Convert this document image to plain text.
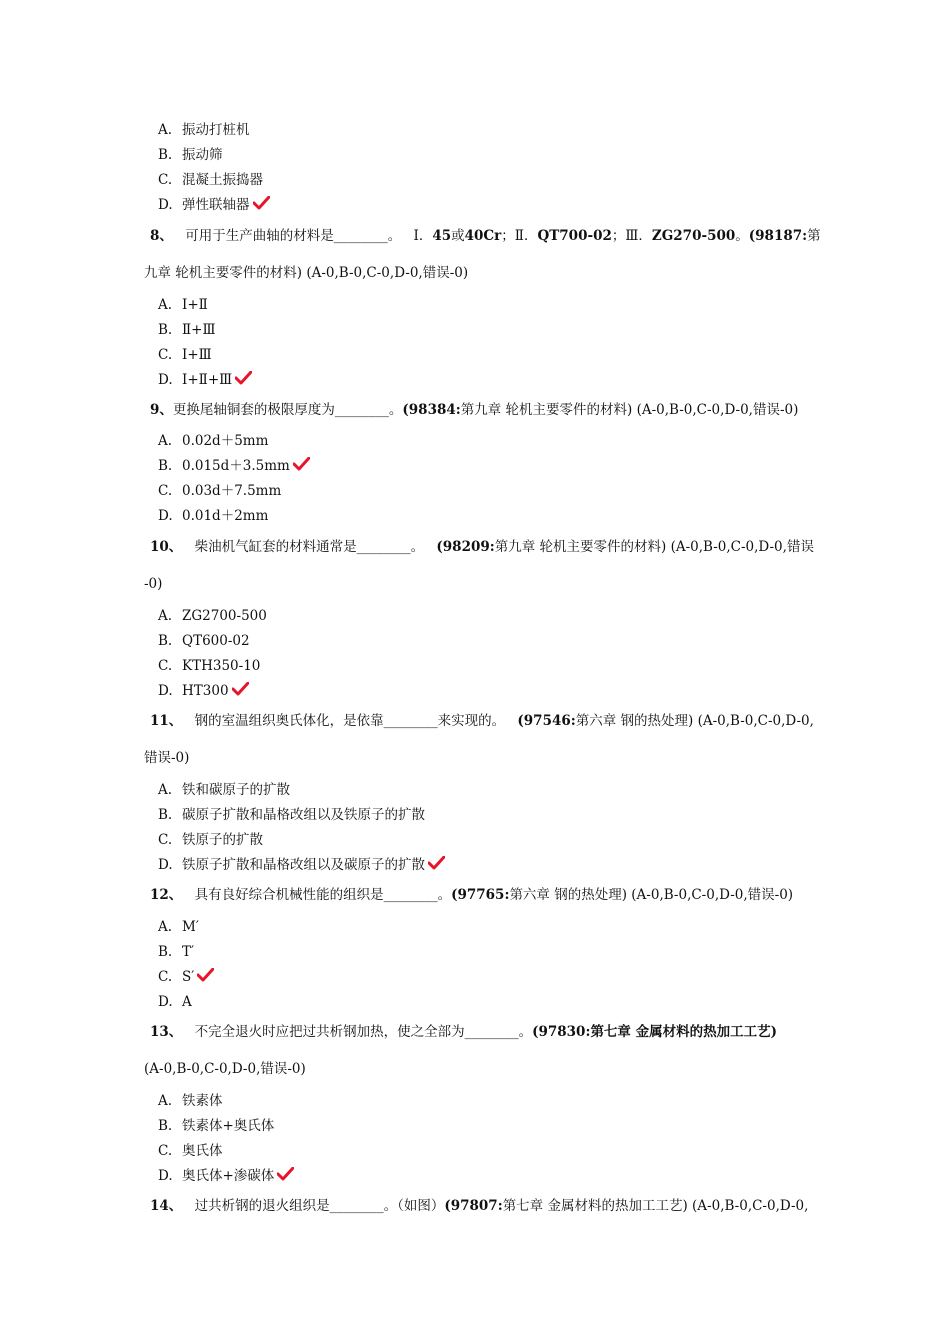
A. 振动打桩机
B. 振动筛
C. 混凝土振捣器
D. 弹性联轴器
8、 可用于生产曲轴的材料是________。 Ⅰ．45或40Cr；Ⅱ．QT700-02；Ⅲ．ZG270-500。(98187:第
九章 轮机主要零件的材料) (A-0,B-0,C-0,D-0,错误-0)
A. Ⅰ+Ⅱ
B. Ⅱ+Ⅲ
C. Ⅰ+Ⅲ
D. Ⅰ+Ⅱ+Ⅲ
9、更换尾轴铜套的极限厚度为________。(98384:第九章 轮机主要零件的材料) (A-0,B-0,C-0,D-0,错误-0)
A. 0.02d＋5mm
B. 0.015d＋3.5mm
C. 0.03d＋7.5mm
D. 0.01d＋2mm
10、 柴油机气缸套的材料通常是________。 (98209:第九章 轮机主要零件的材料) (A-0,B-0,C-0,D-0,错误
-0)
A. ZG2700-500
B. QT600-02
C. KTH350-10
D. HT300
11、 钢的室温组织奥氏体化，是依靠________来实现的。 (97546:第六章 钢的热处理) (A-0,B-0,C-0,D-0,
错误-0)
A. 铁和碳原子的扩散
B. 碳原子扩散和晶格改组以及铁原子的扩散
C. 铁原子的扩散
D. 铁原子扩散和晶格改组以及碳原子的扩散
12、 具有良好综合机械性能的组织是________。(97765:第六章 钢的热处理) (A-0,B-0,C-0,D-0,错误-0)
A. M′
B. T′
C. S′
D. A
13、 不完全退火时应把过共析钢加热，使之全部为________。(97830:第七章 金属材料的热加工工艺)
(A-0,B-0,C-0,D-0,错误-0)
A. 铁素体
B. 铁素体+奥氏体
C. 奥氏体
D. 奥氏体+渗碳体
14、 过共析钢的退火组织是________。（如图）(97807:第七章 金属材料的热加工工艺) (A-0,B-0,C-0,D-0,
